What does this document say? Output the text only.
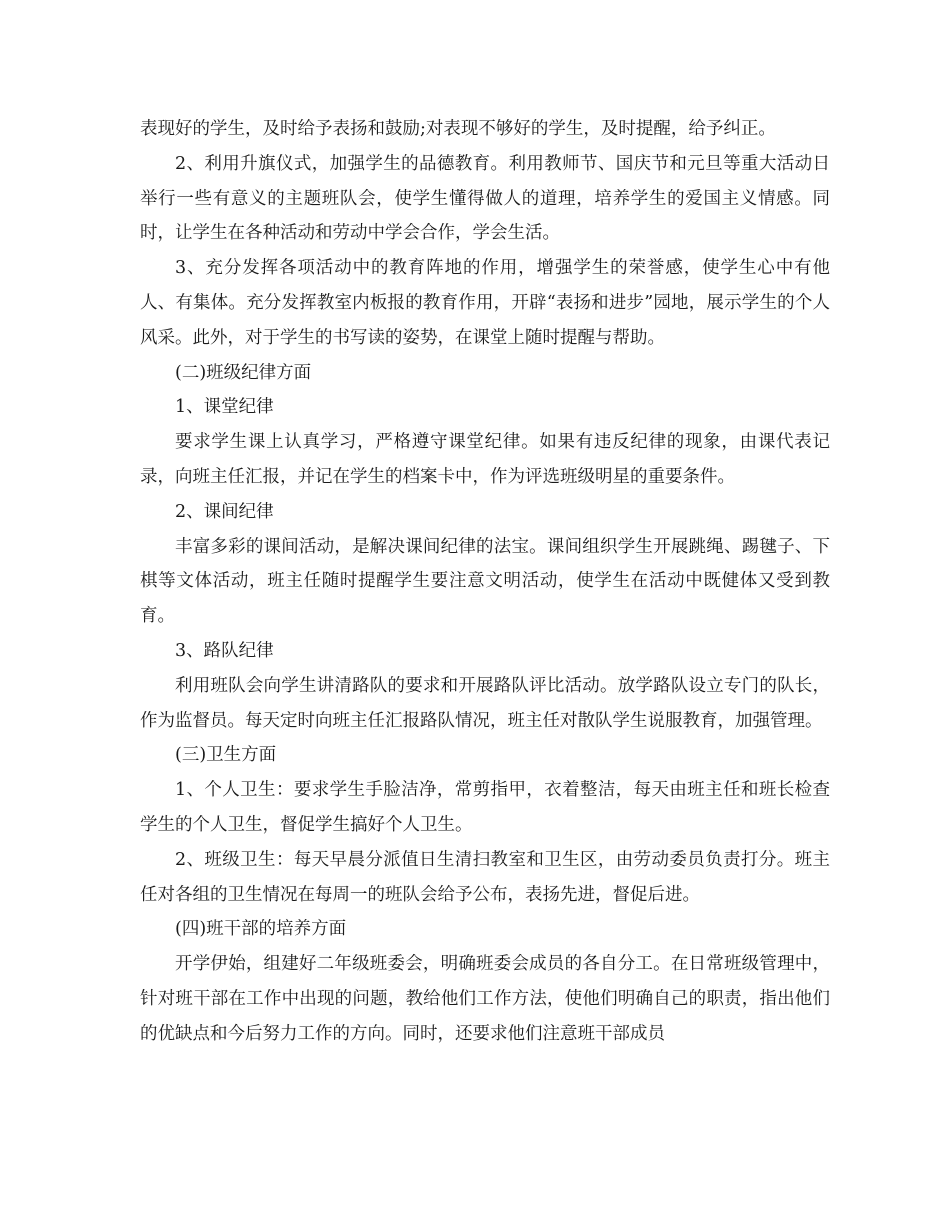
表现好的学生，及时给予表扬和鼓励;对表现不够好的学生，及时提醒，给予纠正。

2、利用升旗仪式，加强学生的品德教育。利用教师节、国庆节和元旦等重大活动日举行一些有意义的主题班队会，使学生懂得做人的道理，培养学生的爱国主义情感。同时，让学生在各种活动和劳动中学会合作，学会生活。

3、充分发挥各项活动中的教育阵地的作用，增强学生的荣誉感，使学生心中有他人、有集体。充分发挥教室内板报的教育作用，开辟“表扬和进步”园地，展示学生的个人风采。此外，对于学生的书写读的姿势，在课堂上随时提醒与帮助。

(二)班级纪律方面

1、课堂纪律

要求学生课上认真学习，严格遵守课堂纪律。如果有违反纪律的现象，由课代表记录，向班主任汇报，并记在学生的档案卡中，作为评选班级明星的重要条件。

2、课间纪律

丰富多彩的课间活动，是解决课间纪律的法宝。课间组织学生开展跳绳、踢毽子、下棋等文体活动，班主任随时提醒学生要注意文明活动，使学生在活动中既健体又受到教育。

3、路队纪律

利用班队会向学生讲清路队的要求和开展路队评比活动。放学路队设立专门的队长，作为监督员。每天定时向班主任汇报路队情况，班主任对散队学生说服教育，加强管理。

(三)卫生方面

1、个人卫生：要求学生手脸洁净，常剪指甲，衣着整洁，每天由班主任和班长检查学生的个人卫生，督促学生搞好个人卫生。

2、班级卫生：每天早晨分派值日生清扫教室和卫生区，由劳动委员负责打分。班主任对各组的卫生情况在每周一的班队会给予公布，表扬先进，督促后进。

(四)班干部的培养方面

开学伊始，组建好二年级班委会，明确班委会成员的各自分工。在日常班级管理中，针对班干部在工作中出现的问题，教给他们工作方法，使他们明确自己的职责，指出他们的优缺点和今后努力工作的方向。同时，还要求他们注意班干部成员
